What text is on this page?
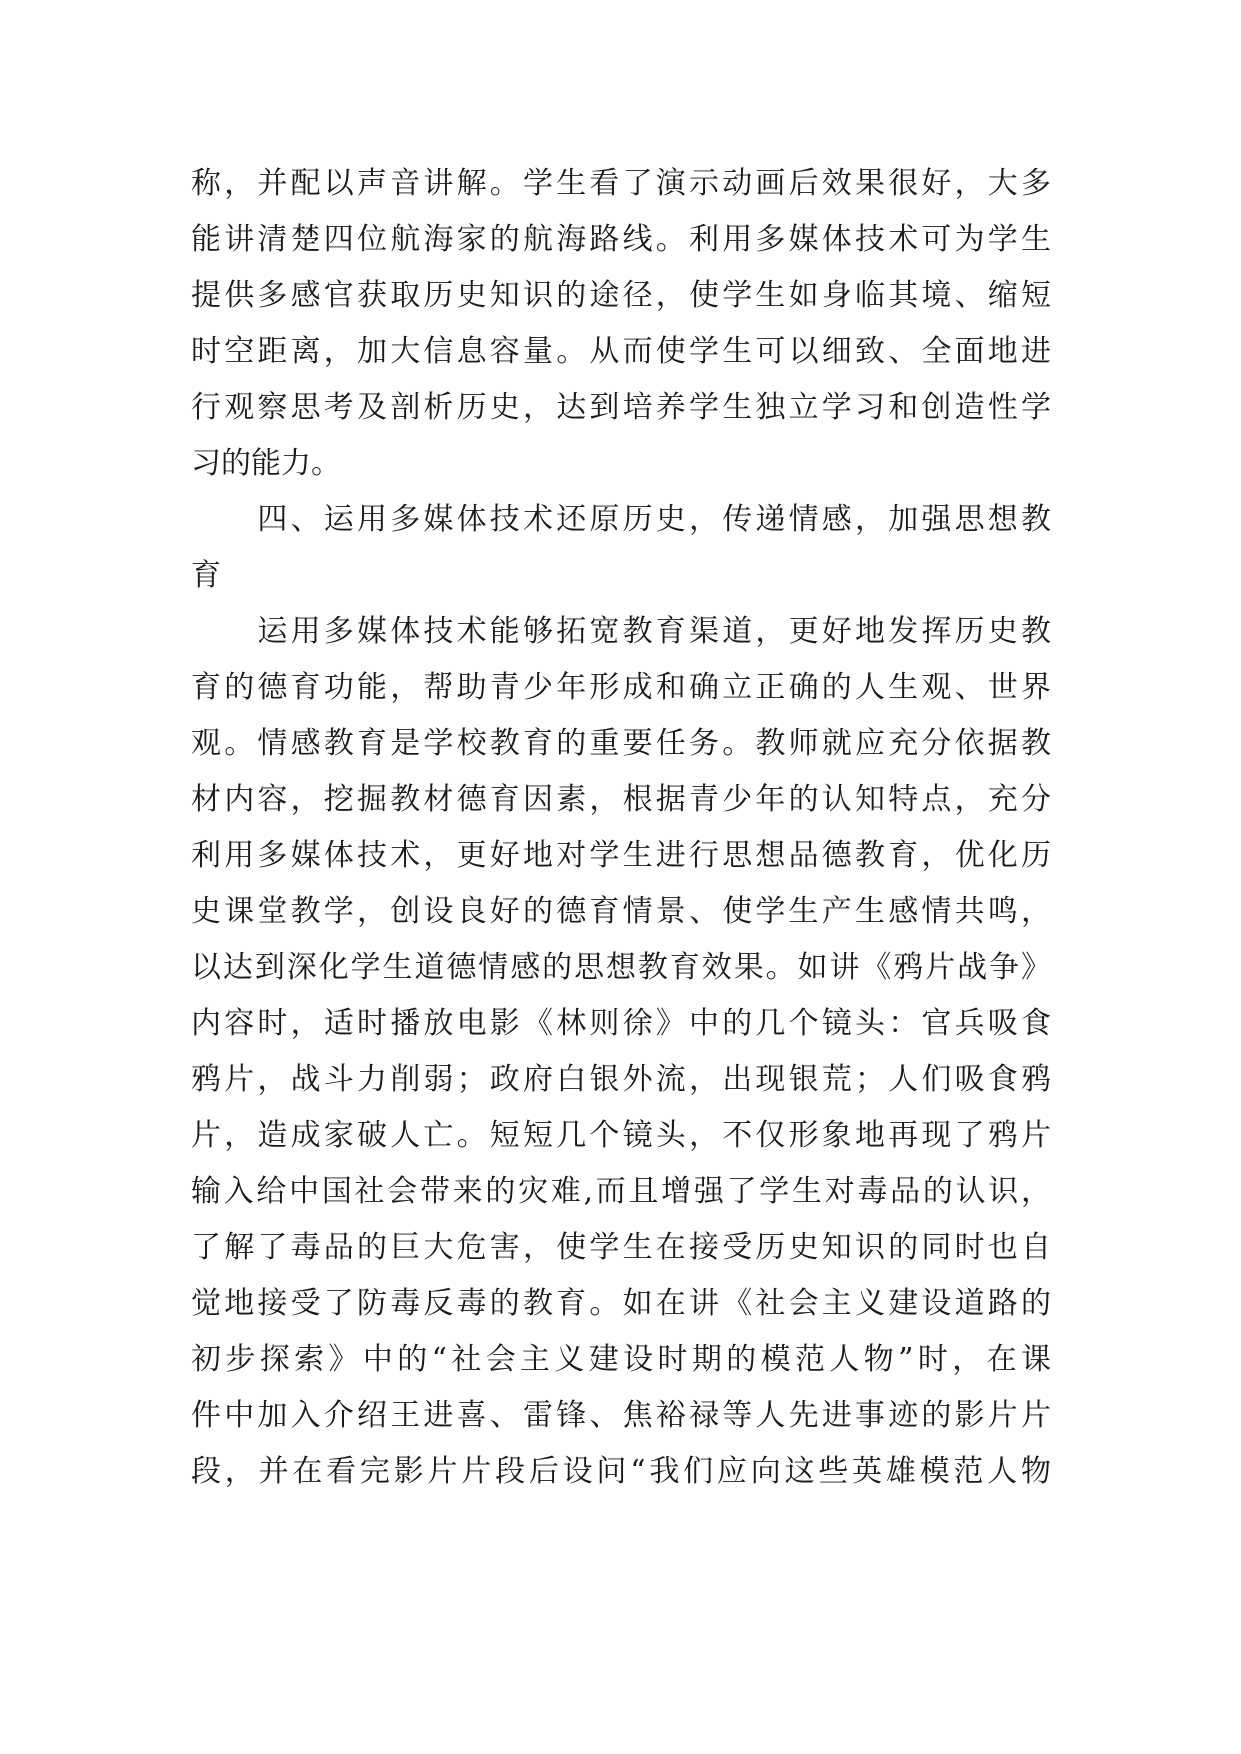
称，并配以声音讲解。学生看了演示动画后效果很好，大多
能讲清楚四位航海家的航海路线。利用多媒体技术可为学生
提供多感官获取历史知识的途径，使学生如身临其境、缩短
时空距离，加大信息容量。从而使学生可以细致、全面地进
行观察思考及剖析历史，达到培养学生独立学习和创造性学
习的能力。
　　四、运用多媒体技术还原历史，传递情感，加强思想教
育
　　运用多媒体技术能够拓宽教育渠道，更好地发挥历史教
育的德育功能，帮助青少年形成和确立正确的人生观、世界
观。情感教育是学校教育的重要任务。教师就应充分依据教
材内容，挖掘教材德育因素，根据青少年的认知特点，充分
利用多媒体技术，更好地对学生进行思想品德教育，优化历
史课堂教学，创设良好的德育情景、使学生产生感情共鸣，
以达到深化学生道德情感的思想教育效果。如讲《鸦片战争》
内容时，适时播放电影《林则徐》中的几个镜头：官兵吸食
鸦片，战斗力削弱；政府白银外流，出现银荒；人们吸食鸦
片，造成家破人亡。短短几个镜头，不仅形象地再现了鸦片
输入给中国社会带来的灾难,而且增强了学生对毒品的认识，
了解了毒品的巨大危害，使学生在接受历史知识的同时也自
觉地接受了防毒反毒的教育。如在讲《社会主义建设道路的
初步探索》中的“社会主义建设时期的模范人物”时，在课
件中加入介绍王进喜、雷锋、焦裕禄等人先进事迹的影片片
段，并在看完影片片段后设问“我们应向这些英雄模范人物
